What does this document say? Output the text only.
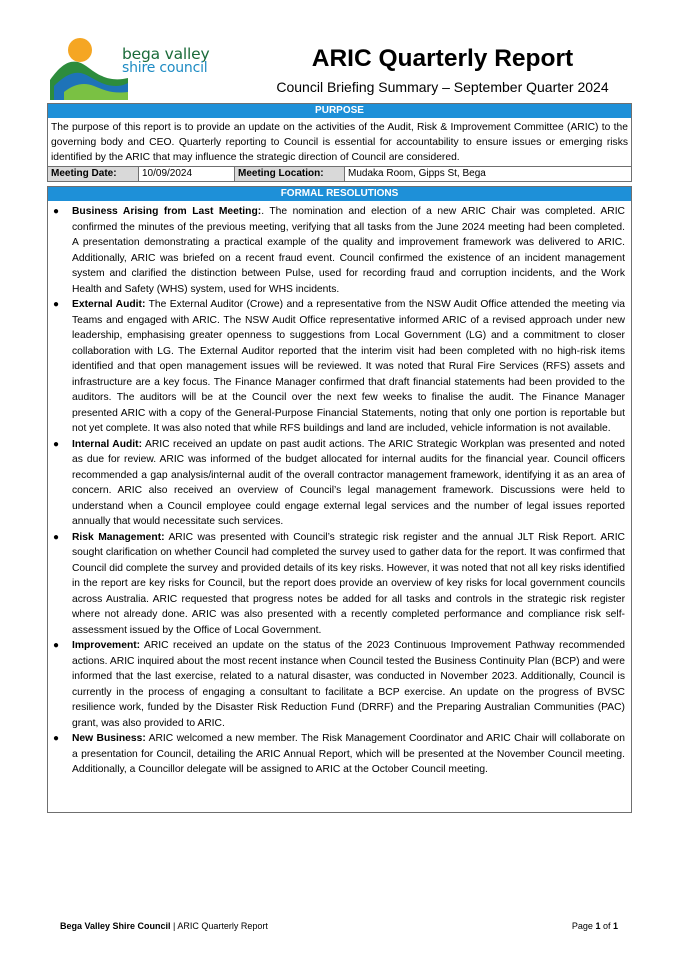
bega valley
shire council	ARIC Quarterly Report
Council Briefing Summary – September Quarter 2024
PURPOSE
The purpose of this report is to provide an update on the activities of the Audit, Risk & Improvement Committee (ARIC) to the governing body and CEO. Quarterly reporting to Council is essential for accountability to ensure issues or emerging risks identified by the ARIC that may influence the strategic direction of Council are considered.
Meeting Date:	10/09/2024	Meeting Location:	Mudaka Room, Gipps St, Bega
FORMAL RESOLUTIONS
● Business Arising from Last Meeting:. The nomination and election of a new ARIC Chair was completed. ARIC confirmed the minutes of the previous meeting, verifying that all tasks from the June 2024 meeting had been completed. A presentation demonstrating a practical example of the quality and improvement framework was delivered to ARIC. Additionally, ARIC was briefed on a recent fraud event. Council confirmed the existence of an incident management system and clarified the distinction between Pulse, used for recording fraud and corruption incidents, and the Work Health and Safety (WHS) system, used for WHS incidents.
● External Audit: The External Auditor (Crowe) and a representative from the NSW Audit Office attended the meeting via Teams and engaged with ARIC. The NSW Audit Office representative informed ARIC of a revised approach under new leadership, emphasising greater openness to suggestions from Local Government (LG) and a commitment to closer collaboration with LG. The External Auditor reported that the interim visit had been completed with no high-risk items identified and that open management issues will be reviewed. It was noted that Rural Fire Services (RFS) assets and infrastructure are a key focus. The Finance Manager confirmed that draft financial statements had been provided to the auditors. The auditors will be at the Council over the next few weeks to finalise the audit. The Finance Manager presented ARIC with a copy of the General-Purpose Financial Statements, noting that only one portion is reportable but not yet complete. It was also noted that while RFS buildings and land are included, vehicle information is not available.
● Internal Audit: ARIC received an update on past audit actions. The ARIC Strategic Workplan was presented and noted as due for review. ARIC was informed of the budget allocated for internal audits for the financial year. Council officers recommended a gap analysis/internal audit of the overall contractor management framework, identifying it as an area of concern. ARIC also received an overview of Council’s legal management framework. Discussions were held to understand when a Council employee could engage external legal services and the number of legal issues reported annually that would necessitate such services.
● Risk Management: ARIC was presented with Council’s strategic risk register and the annual JLT Risk Report. ARIC sought clarification on whether Council had completed the survey used to gather data for the report. It was confirmed that Council did complete the survey and provided details of its key risks. However, it was noted that not all key risks identified in the report are key risks for Council, but the report does provide an overview of key risks for local government councils across Australia. ARIC requested that progress notes be added for all tasks and controls in the strategic risk register where not already done. ARIC was also presented with a recently completed performance and compliance risk self-assessment issued by the Office of Local Government.
● Improvement: ARIC received an update on the status of the 2023 Continuous Improvement Pathway recommended actions. ARIC inquired about the most recent instance when Council tested the Business Continuity Plan (BCP) and were informed that the last exercise, related to a natural disaster, was conducted in November 2023. Additionally, Council is currently in the process of engaging a consultant to facilitate a BCP exercise. An update on the progress of BVSC resilience work, funded by the Disaster Risk Reduction Fund (DRRF) and the Preparing Australian Communities (PAC) grant, was also provided to ARIC.
● New Business: ARIC welcomed a new member. The Risk Management Coordinator and ARIC Chair will collaborate on a presentation for Council, detailing the ARIC Annual Report, which will be presented at the November Council meeting. Additionally, a Councillor delegate will be assigned to ARIC at the October Council meeting.
Bega Valley Shire Council | ARIC Quarterly Report	Page 1 of 1
